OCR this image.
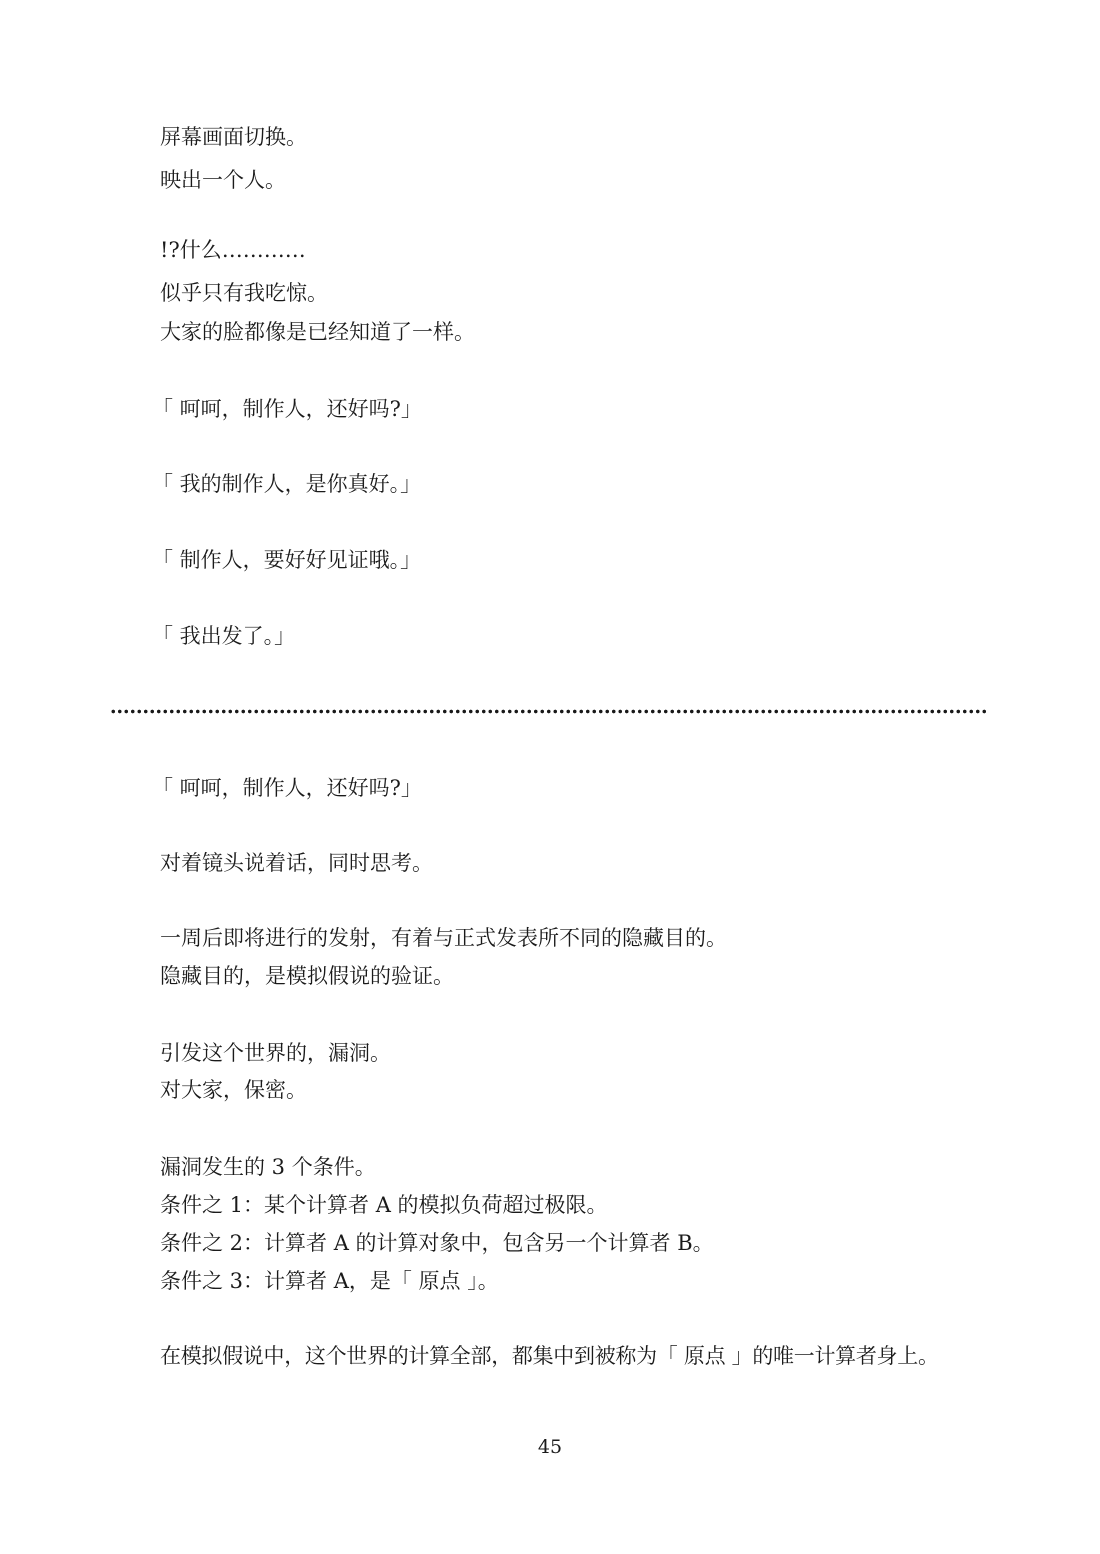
屏幕画面切换。
映出一个人。
!?什么…………
似乎只有我吃惊。
大家的脸都像是已经知道了一样。
「 呵呵，制作人，还好吗?」
「 我的制作人，是你真好。」
「 制作人，要好好见证哦。」
「 我出发了。」
「 呵呵，制作人，还好吗?」
对着镜头说着话，同时思考。
一周后即将进行的发射，有着与正式发表所不同的隐藏目的。
隐藏目的，是模拟假说的验证。
引发这个世界的，漏洞。
对大家，保密。
漏洞发生的 3 个条件。
条件之 1：某个计算者 A 的模拟负荷超过极限。
条件之 2：计算者 A 的计算对象中，包含另一个计算者 B。
条件之 3：计算者 A，是「 原点 」。
在模拟假说中，这个世界的计算全部，都集中到被称为「 原点 」的唯一计算者身上。
45
